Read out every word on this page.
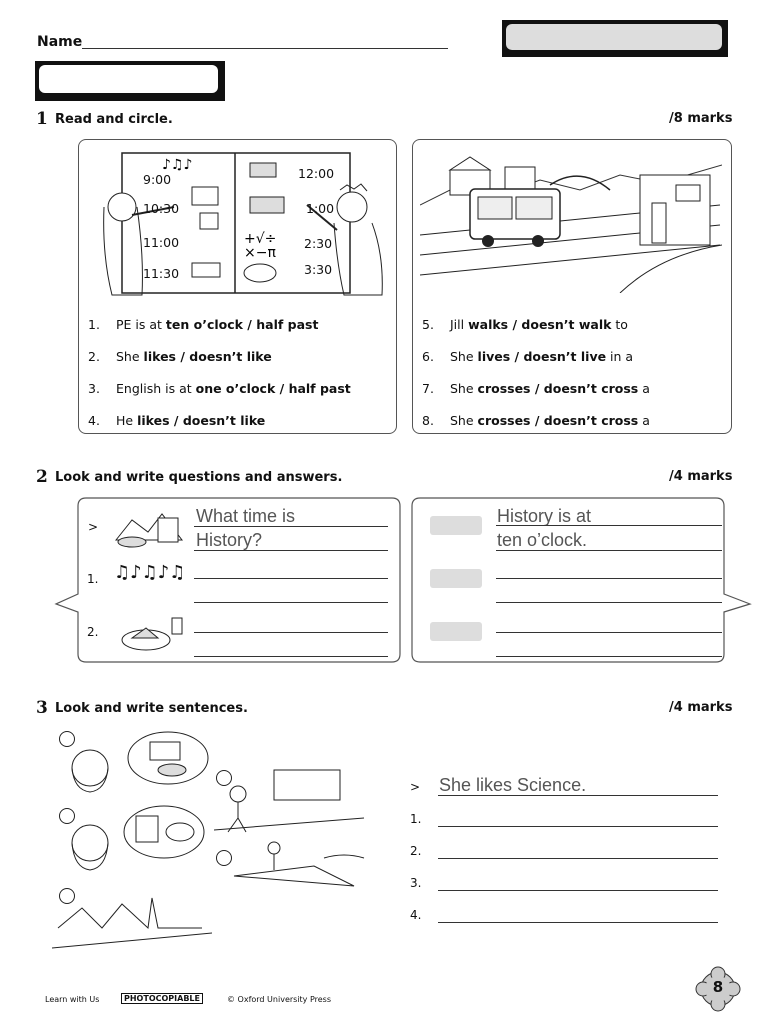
Name
1 Read and circle.	/8 marks
♪♫♪
+√÷
×−π
9:00
10:30
11:00
11:30
12:00
1:00
2:30
3:30
1. PE is at ten o’clock / half past
2. She likes / doesn’t like
3. English is at one o’clock / half past
4. He likes / doesn’t like
5. Jill walks / doesn’t walk to
6. She lives / doesn’t live in a
7. She crosses / doesn’t cross a
8. She crosses / doesn’t cross a
2 Look and write questions and answers.	/4 marks
>
What time is
History?
History is at
ten o’clock.
1. ♫♪♫♪♫
2.
3 Look and write sentences.	/4 marks
> She likes Science.
1.
2.
3.
4.
Learn with Us	PHOTOCOPIABLE	© Oxford University Press
8
